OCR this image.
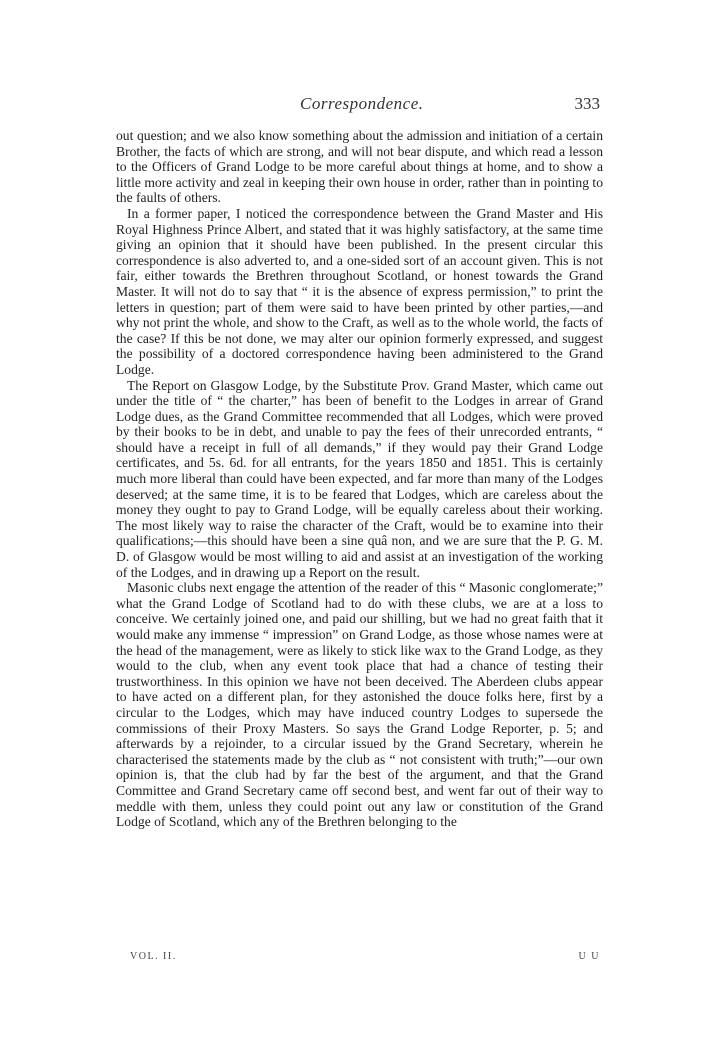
Correspondence.	333

out question; and we also know something about the admission and initiation of a certain Brother, the facts of which are strong, and will not bear dispute, and which read a lesson to the Officers of Grand Lodge to be more careful about things at home, and to show a little more activity and zeal in keeping their own house in order, rather than in pointing to the faults of others.

In a former paper, I noticed the correspondence between the Grand Master and His Royal Highness Prince Albert, and stated that it was highly satisfactory, at the same time giving an opinion that it should have been published. In the present circular this correspondence is also adverted to, and a one-sided sort of an account given. This is not fair, either towards the Brethren throughout Scotland, or honest towards the Grand Master. It will not do to say that “ it is the absence of express permission,” to print the letters in question; part of them were said to have been printed by other parties,—and why not print the whole, and show to the Craft, as well as to the whole world, the facts of the case? If this be not done, we may alter our opinion formerly expressed, and suggest the possibility of a doctored correspondence having been administered to the Grand Lodge.

The Report on Glasgow Lodge, by the Substitute Prov. Grand Master, which came out under the title of “ the charter,” has been of benefit to the Lodges in arrear of Grand Lodge dues, as the Grand Committee recommended that all Lodges, which were proved by their books to be in debt, and unable to pay the fees of their unrecorded entrants, “ should have a receipt in full of all demands,” if they would pay their Grand Lodge certificates, and 5s. 6d. for all entrants, for the years 1850 and 1851. This is certainly much more liberal than could have been expected, and far more than many of the Lodges deserved; at the same time, it is to be feared that Lodges, which are careless about the money they ought to pay to Grand Lodge, will be equally careless about their working. The most likely way to raise the character of the Craft, would be to examine into their qualifications;—this should have been a sine quâ non, and we are sure that the P. G. M. D. of Glasgow would be most willing to aid and assist at an investigation of the working of the Lodges, and in drawing up a Report on the result.

Masonic clubs next engage the attention of the reader of this “ Masonic conglomerate;” what the Grand Lodge of Scotland had to do with these clubs, we are at a loss to conceive. We certainly joined one, and paid our shilling, but we had no great faith that it would make any immense “ impression” on Grand Lodge, as those whose names were at the head of the management, were as likely to stick like wax to the Grand Lodge, as they would to the club, when any event took place that had a chance of testing their trustworthiness. In this opinion we have not been deceived. The Aberdeen clubs appear to have acted on a different plan, for they astonished the douce folks here, first by a circular to the Lodges, which may have induced country Lodges to supersede the commissions of their Proxy Masters. So says the Grand Lodge Reporter, p. 5; and afterwards by a rejoinder, to a circular issued by the Grand Secretary, wherein he characterised the statements made by the club as “ not consistent with truth;”—our own opinion is, that the club had by far the best of the argument, and that the Grand Committee and Grand Secretary came off second best, and went far out of their way to meddle with them, unless they could point out any law or constitution of the Grand Lodge of Scotland, which any of the Brethren belonging to the

VOL. II.	U U
